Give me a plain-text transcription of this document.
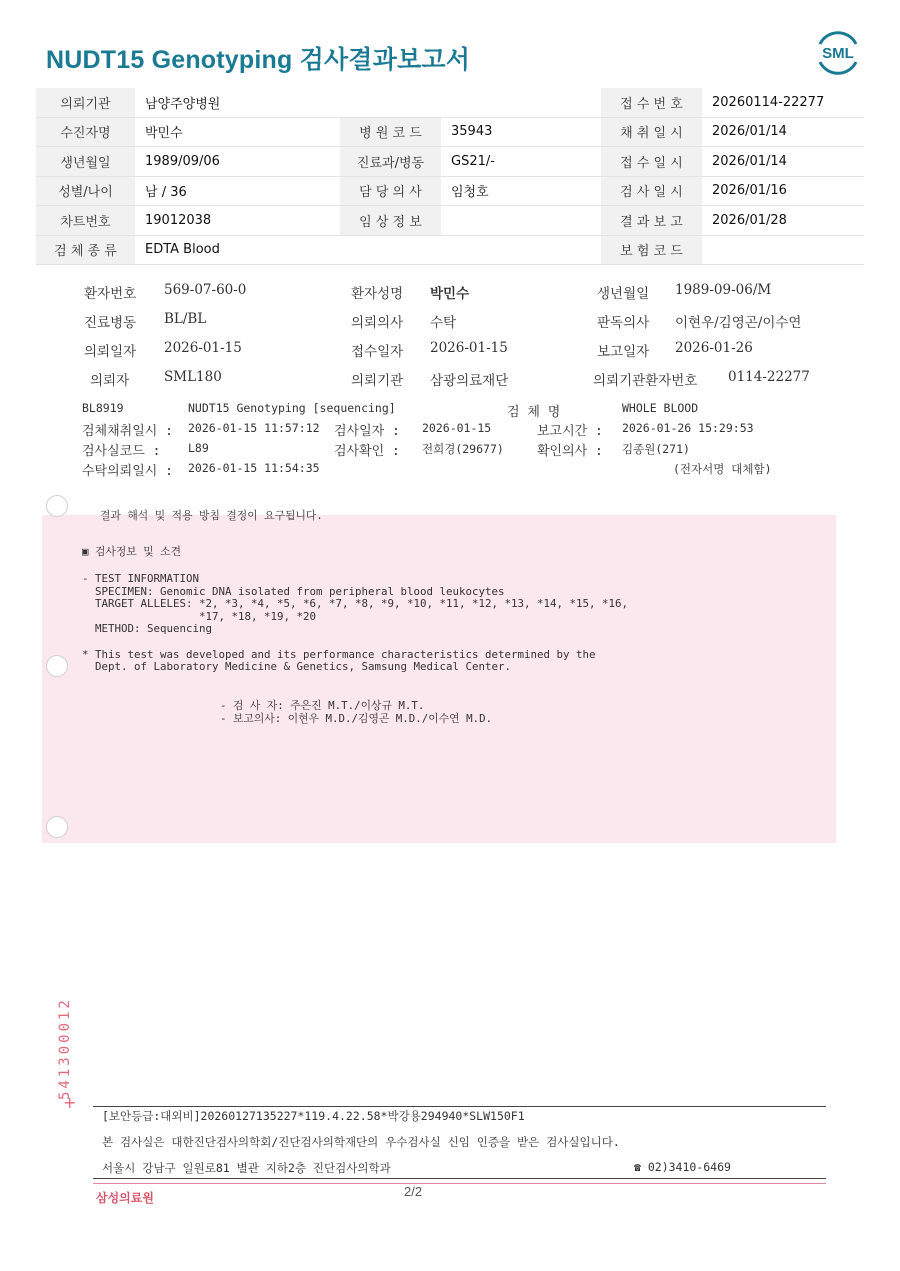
NUDT15 Genotyping 검사결과보고서	SML
의뢰기관	남양주양병원			접 수 번 호	20260114-22277
수진자명	박민수	병 원 코 드	35943	채 취 일 시	2026/01/14
생년월일	1989/09/06	진료과/병동	GS21/-	접 수 일 시	2026/01/14
성별/나이	남 / 36	담 당 의 사	임청호	검 사 일 시	2026/01/16
차트번호	19012038	임 상 정 보		결 과 보 고	2026/01/28
검 체 종 류	EDTA Blood			보 험 코 드	
환자번호 569-07-60-0	환자성명 박민수	생년월일 1989-09-06/M
진료병동 BL/BL	의뢰의사 수탁	판독의사 이현우/김영곤/이수연
의뢰일자 2026-01-15	접수일자 2026-01-15	보고일자 2026-01-26
의뢰자	SML180	의뢰기관 삼광의료재단	의뢰기관환자번호 0114-22277
BL8919	NUDT15 Genotyping [sequencing]	검 체 명	WHOLE BLOOD
검체채취일시 : 2026-01-15 11:57:12 검사일자 : 2026-01-15	보고시간 : 2026-01-26 15:29:53
검사실코드 : L89	검사확인 : 전희경(29677)	확인의사 : 김종원(271)
수탁의뢰일시 : 2026-01-15 11:54:35	(전자서명 대체함)
결과 해석 및 적용 방침 결정이 요구됩니다.
▣ 검사정보 및 소견
- TEST INFORMATION
SPECIMEN: Genomic DNA isolated from peripheral blood leukocytes
TARGET ALLELES: *2, *3, *4, *5, *6, *7, *8, *9, *10, *11, *12, *13, *14, *15, *16,
*17, *18, *19, *20
METHOD: Sequencing

* This test was developed and its performance characteristics determined by the
Dept. of Laboratory Medicine & Genetics, Samsung Medical Center.
- 검 사 자: 주은진 M.T./이상규 M.T.
- 보고의사: 이현우 M.D./김영곤 M.D./이수연 M.D.
541300012
+
[보안등급:대외비]20260127135227*119.4.22.58*박강용294940*SLW150F1
본 검사실은 대한진단검사의학회/진단검사의학재단의 우수검사실 신임 인증을 받은 검사실입니다.
서울시 강남구 일원로81 별관 지하2층 진단검사의학과	☎ 02)3410-6469
삼성의료원	2/2
